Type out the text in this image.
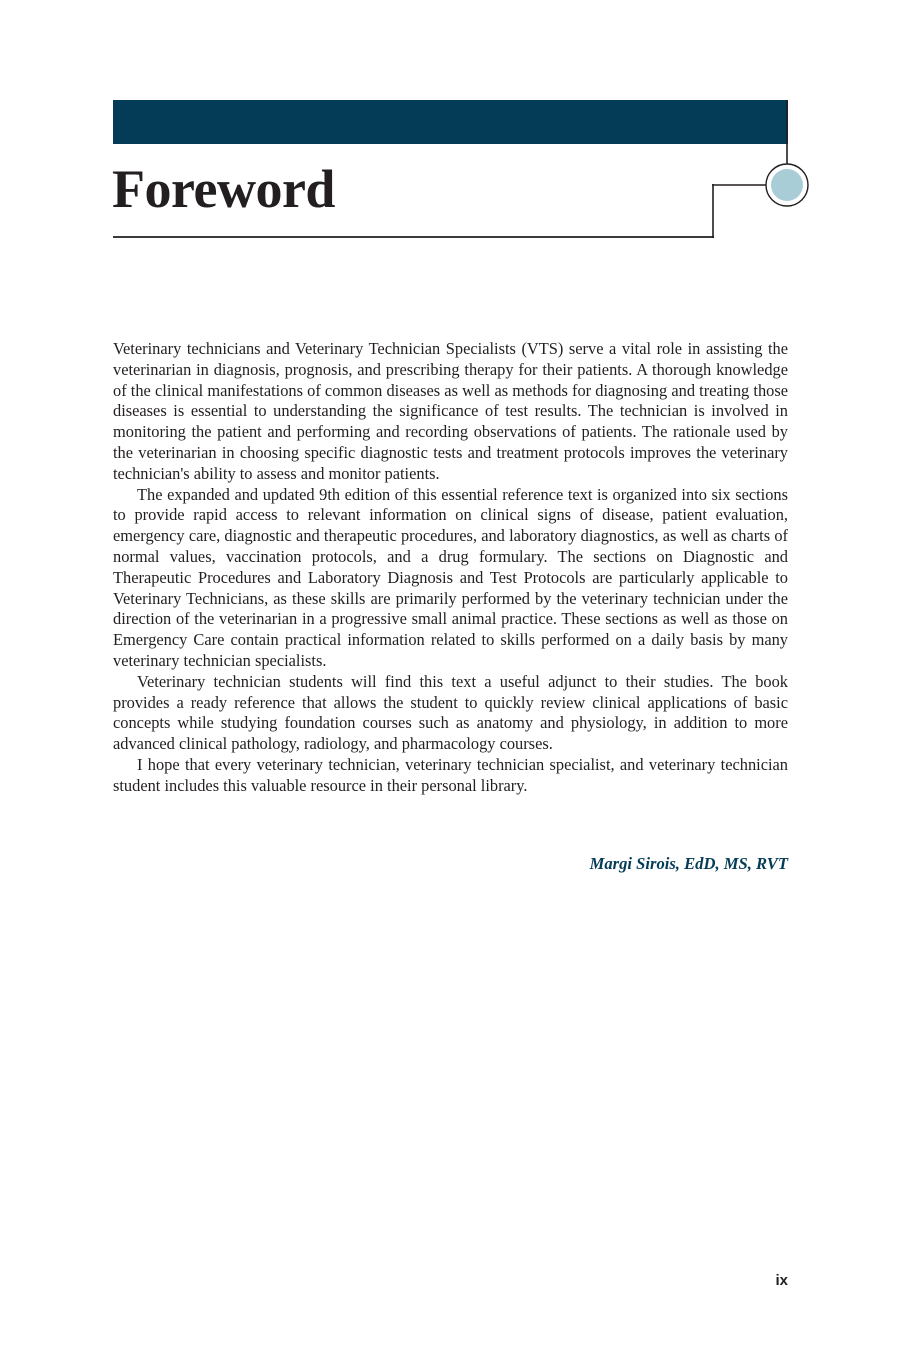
Foreword

Veterinary technicians and Veterinary Technician Specialists (VTS) serve a vital role in assisting the veterinarian in diagnosis, prognosis, and prescribing therapy for their patients. A thorough knowledge of the clinical manifestations of common diseases as well as methods for diagnosing and treating those diseases is essential to understanding the significance of test results. The technician is involved in monitoring the patient and performing and recording observations of patients. The rationale used by the veterinarian in choosing specific diagnostic tests and treatment protocols improves the veterinary technician's ability to assess and monitor patients.

The expanded and updated 9th edition of this essential reference text is organized into six sections to provide rapid access to relevant information on clinical signs of disease, patient evaluation, emergency care, diagnostic and therapeutic procedures, and laboratory diagnostics, as well as charts of normal values, vaccination protocols, and a drug formulary. The sections on Diagnostic and Therapeutic Procedures and Laboratory Diagnosis and Test Protocols are particularly applicable to Veterinary Technicians, as these skills are primarily performed by the veterinary technician under the direction of the veterinarian in a progressive small animal practice. These sections as well as those on Emergency Care contain practical information related to skills performed on a daily basis by many veterinary technician specialists.

Veterinary technician students will find this text a useful adjunct to their studies. The book provides a ready reference that allows the student to quickly review clinical applications of basic concepts while studying foundation courses such as anatomy and physiology, in addition to more advanced clinical pathology, radiology, and pharmacology courses.

I hope that every veterinary technician, veterinary technician specialist, and veterinary technician student includes this valuable resource in their personal library.

Margi Sirois, EdD, MS, RVT
ix
